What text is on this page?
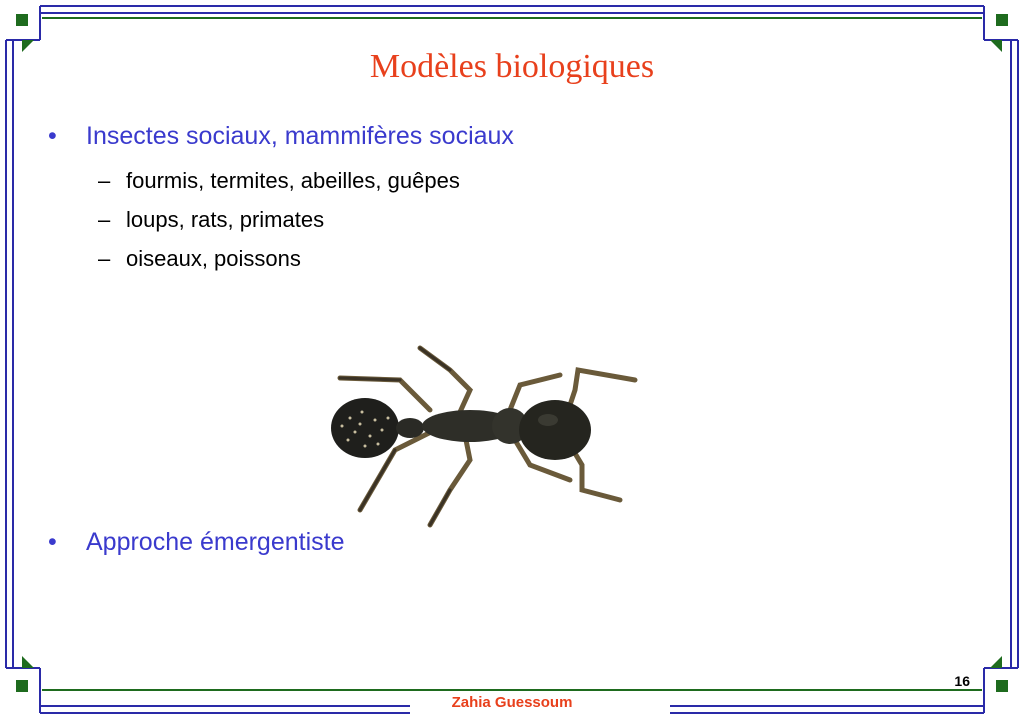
Modèles biologiques
• Insectes sociaux, mammifères sociaux
– fourmis, termites, abeilles, guêpes
– loups, rats, primates
– oiseaux, poissons
• Approche émergentiste
16
Zahia Guessoum
